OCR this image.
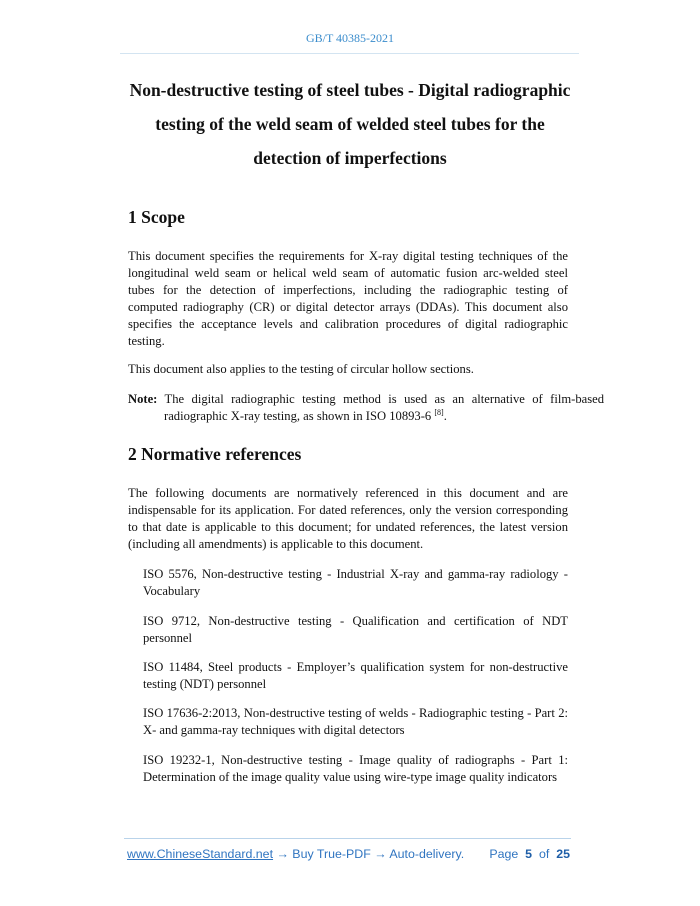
GB/T 40385-2021
Non-destructive testing of steel tubes - Digital radiographic
testing of the weld seam of welded steel tubes for the
detection of imperfections
1 Scope
This document specifies the requirements for X-ray digital testing techniques of the longitudinal weld seam or helical weld seam of automatic fusion arc-welded steel tubes for the detection of imperfections, including the radiographic testing of computed radiography (CR) or digital detector arrays (DDAs). This document also specifies the acceptance levels and calibration procedures of digital radiographic testing.
This document also applies to the testing of circular hollow sections.
Note: The digital radiographic testing method is used as an alternative of film-based radiographic X-ray testing, as shown in ISO 10893-6 [8].
2 Normative references
The following documents are normatively referenced in this document and are indispensable for its application. For dated references, only the version corresponding to that date is applicable to this document; for undated references, the latest version (including all amendments) is applicable to this document.
ISO 5576, Non-destructive testing - Industrial X-ray and gamma-ray radiology - Vocabulary
ISO 9712, Non-destructive testing - Qualification and certification of NDT personnel
ISO 11484, Steel products - Employer’s qualification system for non-destructive testing (NDT) personnel
ISO 17636-2:2013, Non-destructive testing of welds - Radiographic testing - Part 2: X- and gamma-ray techniques with digital detectors
ISO 19232-1, Non-destructive testing - Image quality of radiographs - Part 1: Determination of the image quality value using wire-type image quality indicators
www.ChineseStandard.net → Buy True-PDF → Auto-delivery. Page 5 of 25
